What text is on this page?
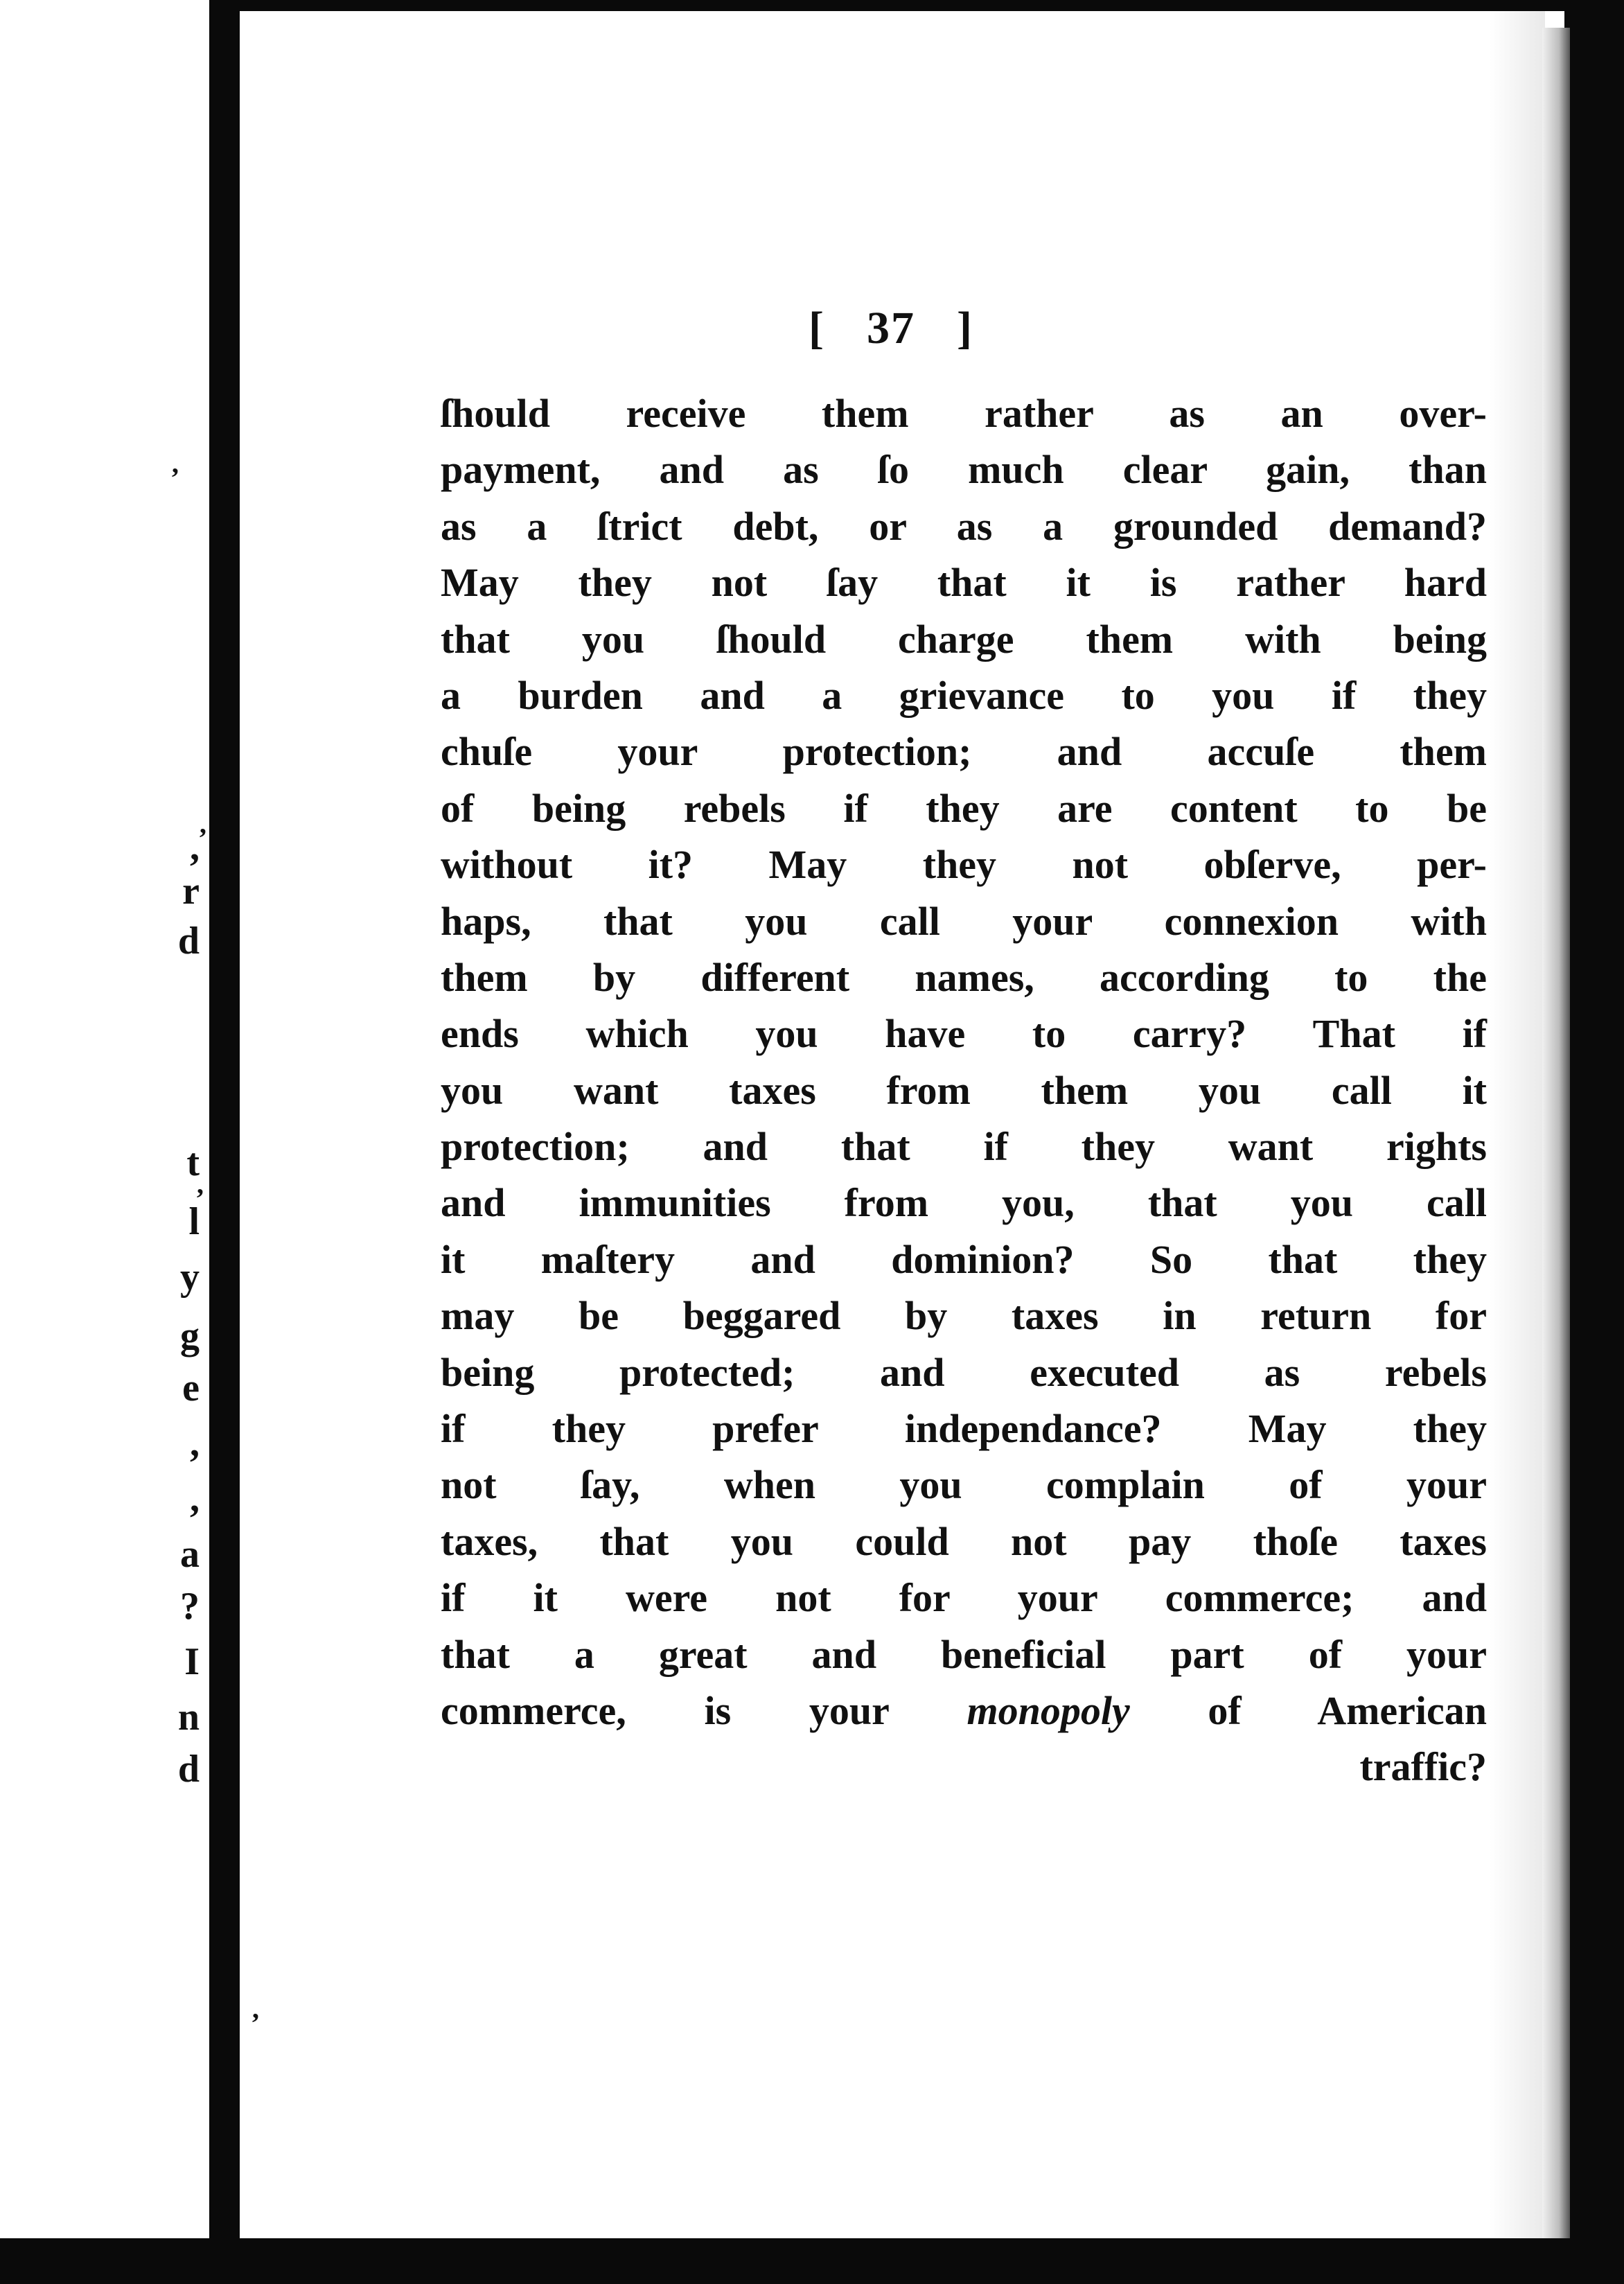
,
r
d
t
l
y
g
e
,
,
a
?
I
n
d
[ 37 ]
ſhould receive them rather as an over-
payment, and as ſo much clear gain, than
as a ſtrict debt, or as a grounded demand?
May they not ſay that it is rather hard
that you ſhould charge them with being
a burden and a grievance to you if they
chuſe your protection; and accuſe them
of being rebels if they are content to be
without it? May they not obſerve, per-
haps, that you call your connexion with
them by different names, according to the
ends which you have to carry? That if
you want taxes from them you call it
protection; and that if they want rights
and immunities from you, that you call
it maſtery and dominion? So that they
may be beggared by taxes in return for
being protected; and executed as rebels
if they prefer independance? May they
not ſay, when you complain of your
taxes, that you could not pay thoſe taxes
if it were not for your commerce; and
that a great and beneficial part of your
commerce, is your monopoly of American
traffic?
ʼ
ʼ
ʼ
ʼ
